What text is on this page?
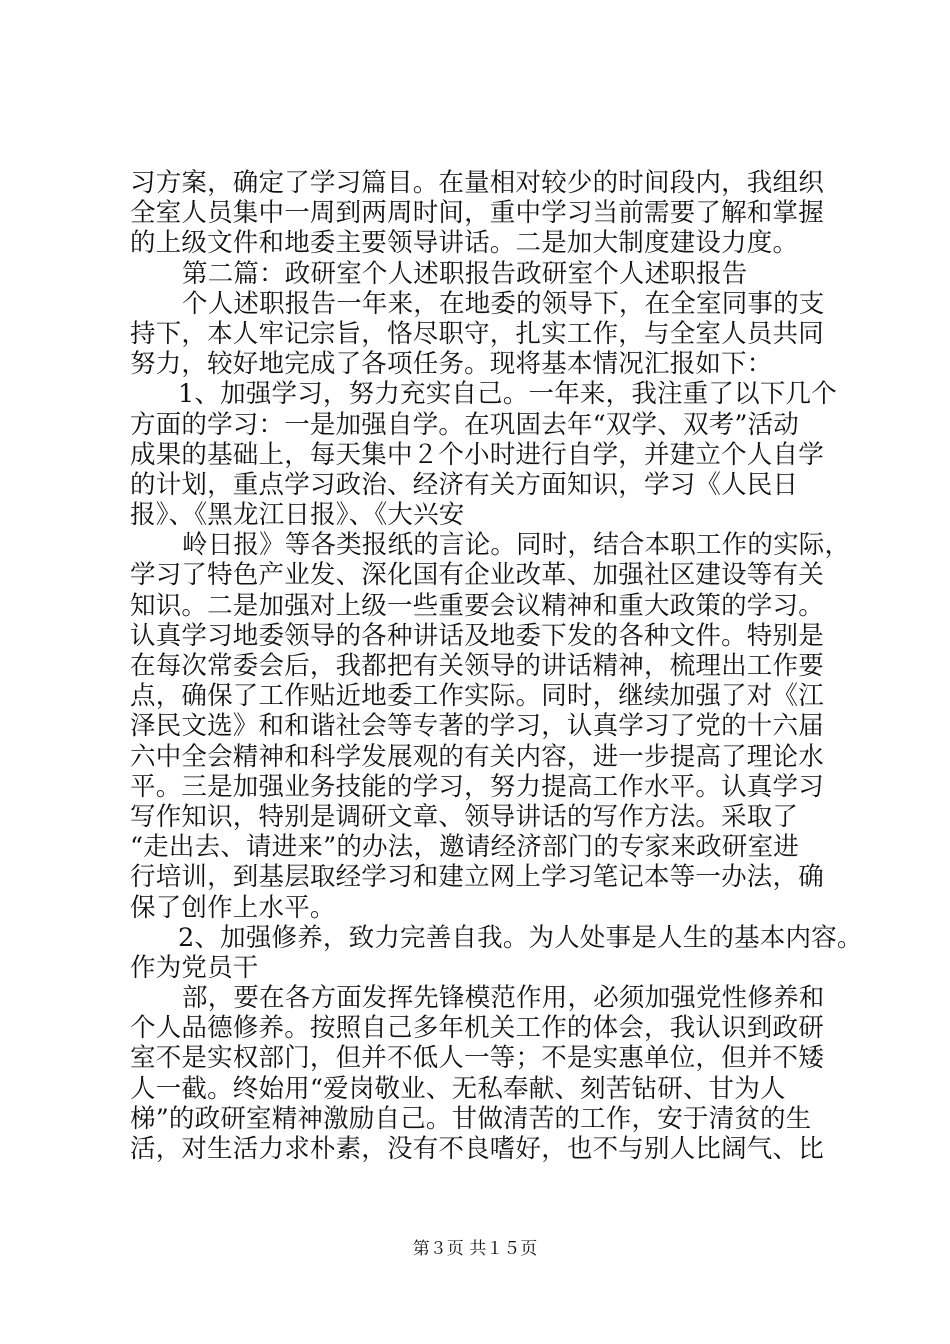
习方案，确定了学习篇目。在量相对较少的时间段内，我组织
全室人员集中一周到两周时间，重中学习当前需要了解和掌握
的上级文件和地委主要领导讲话。二是加大制度建设力度。
第二篇：政研室个人述职报告政研室个人述职报告
个人述职报告一年来，在地委的领导下，在全室同事的支
持下，本人牢记宗旨，恪尽职守，扎实工作，与全室人员共同
努力，较好地完成了各项任务。现将基本情况汇报如下：
1、加强学习，努力充实自己。一年来，我注重了以下几个
方面的学习：一是加强自学。在巩固去年“双学、双考”活动
成果的基础上，每天集中２个小时进行自学，并建立个人自学
的计划，重点学习政治、经济有关方面知识，学习《人民日
报》、《黑龙江日报》、《大兴安
岭日报》等各类报纸的言论。同时，结合本职工作的实际，
学习了特色产业发、深化国有企业改革、加强社区建设等有关
知识。二是加强对上级一些重要会议精神和重大政策的学习。
认真学习地委领导的各种讲话及地委下发的各种文件。特别是
在每次常委会后，我都把有关领导的讲话精神，梳理出工作要
点，确保了工作贴近地委工作实际。同时，继续加强了对《江
泽民文选》和和谐社会等专著的学习，认真学习了党的十六届
六中全会精神和科学发展观的有关内容，进一步提高了理论水
平。三是加强业务技能的学习，努力提高工作水平。认真学习
写作知识，特别是调研文章、领导讲话的写作方法。采取了
“走出去、请进来”的办法，邀请经济部门的专家来政研室进
行培训，到基层取经学习和建立网上学习笔记本等一办法，确
保了创作上水平。
2、加强修养，致力完善自我。为人处事是人生的基本内容。
作为党员干
部，要在各方面发挥先锋模范作用，必须加强党性修养和
个人品德修养。按照自己多年机关工作的体会，我认识到政研
室不是实权部门，但并不低人一等；不是实惠单位，但并不矮
人一截。终始用“爱岗敬业、无私奉献、刻苦钻研、甘为人
梯”的政研室精神激励自己。甘做清苦的工作，安于清贫的生
活，对生活力求朴素，没有不良嗜好，也不与别人比阔气、比
第３页 共１５页
